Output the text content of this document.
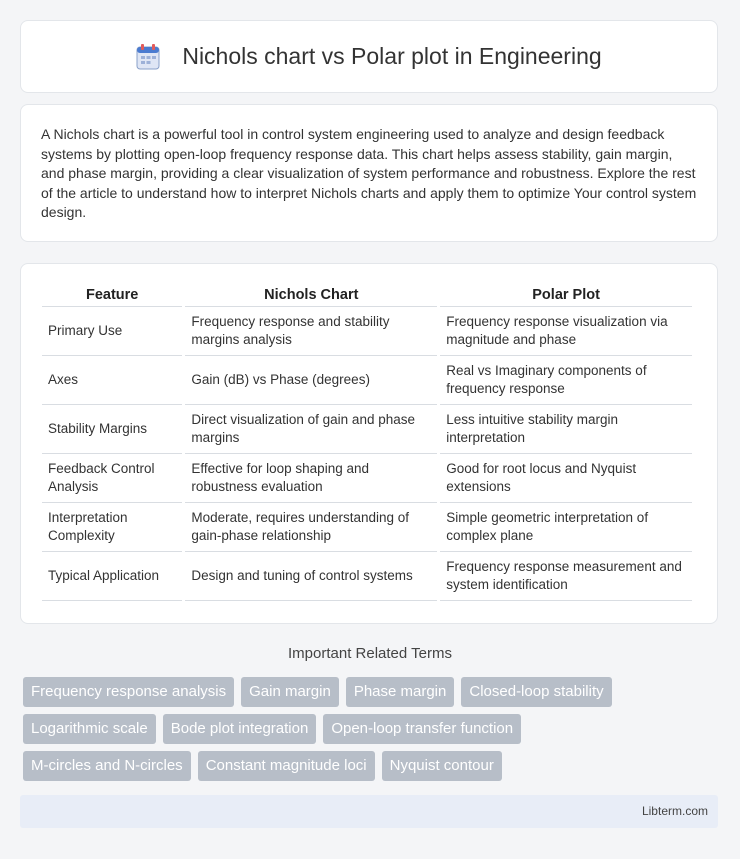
Nichols chart vs Polar plot in Engineering

A Nichols chart is a powerful tool in control system engineering used to analyze and design feedback systems by plotting open-loop frequency response data. This chart helps assess stability, gain margin, and phase margin, providing a clear visualization of system performance and robustness. Explore the rest of the article to understand how to interpret Nichols charts and apply them to optimize Your control system design.

Feature	Nichols Chart	Polar Plot
Primary Use	Frequency response and stability margins analysis	Frequency response visualization via magnitude and phase
Axes	Gain (dB) vs Phase (degrees)	Real vs Imaginary components of frequency response
Stability Margins	Direct visualization of gain and phase margins	Less intuitive stability margin interpretation
Feedback Control Analysis	Effective for loop shaping and robustness evaluation	Good for root locus and Nyquist extensions
Interpretation Complexity	Moderate, requires understanding of gain-phase relationship	Simple geometric interpretation of complex plane
Typical Application	Design and tuning of control systems	Frequency response measurement and system identification
Important Related Terms
Frequency response analysis	Gain margin	Phase margin	Closed-loop stability
Logarithmic scale	Bode plot integration	Open-loop transfer function
M-circles and N-circles	Constant magnitude loci	Nyquist contour
Libterm.com
